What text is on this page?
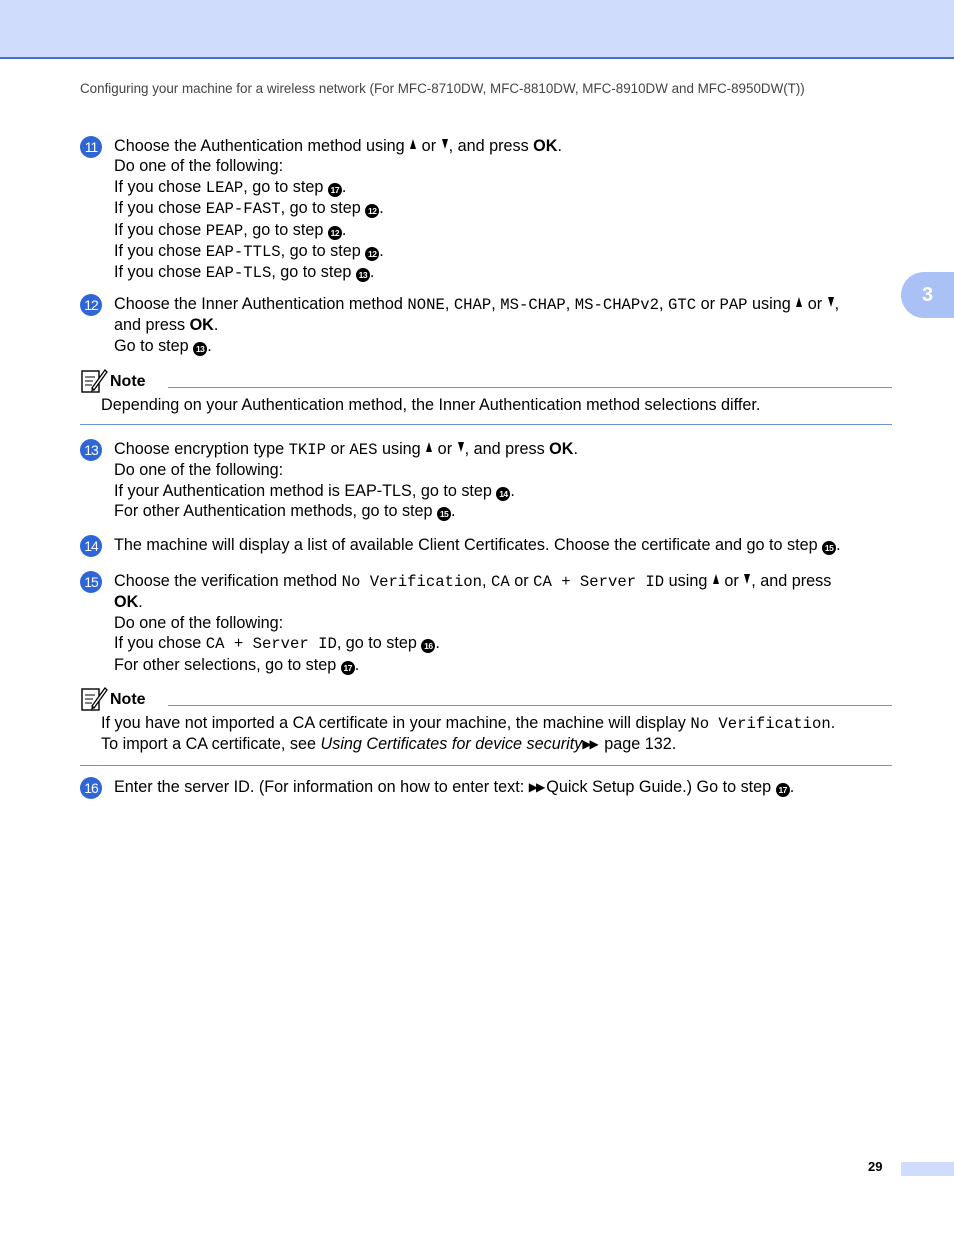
Configuring your machine for a wireless network (For MFC-8710DW, MFC-8810DW, MFC-8910DW and MFC-8950DW(T))
3
11 Choose the Authentication method using  or , and press OK.
Do one of the following:
If you chose LEAP, go to step 17 .
If you chose EAP-FAST, go to step 12 .
If you chose PEAP, go to step 12 .
If you chose EAP-TTLS, go to step 12 .
If you chose EAP-TLS, go to step 13 .
12 Choose the Inner Authentication method NONE, CHAP, MS-CHAP, MS-CHAPv2, GTC or PAP using  or ,
and press OK.
Go to step 13 .
Note
Depending on your Authentication method, the Inner Authentication method selections differ.
13 Choose encryption type TKIP or AES using  or , and press OK.
Do one of the following:
If your Authentication method is EAP-TLS, go to step 14 .
For other Authentication methods, go to step 15 .
14 The machine will display a list of available Client Certificates. Choose the certificate and go to step 15 .
15 Choose the verification method No Verification, CA or CA + Server ID using  or , and press
OK.
Do one of the following:
If you chose CA + Server ID, go to step 16 .
For other selections, go to step 17 .
Note
If you have not imported a CA certificate in your machine, the machine will display No Verification.
To import a CA certificate, see Using Certificates for device security▶▶ page 132.
16 Enter the server ID. (For information on how to enter text: ▶▶ Quick Setup Guide.) Go to step 17 .
29
